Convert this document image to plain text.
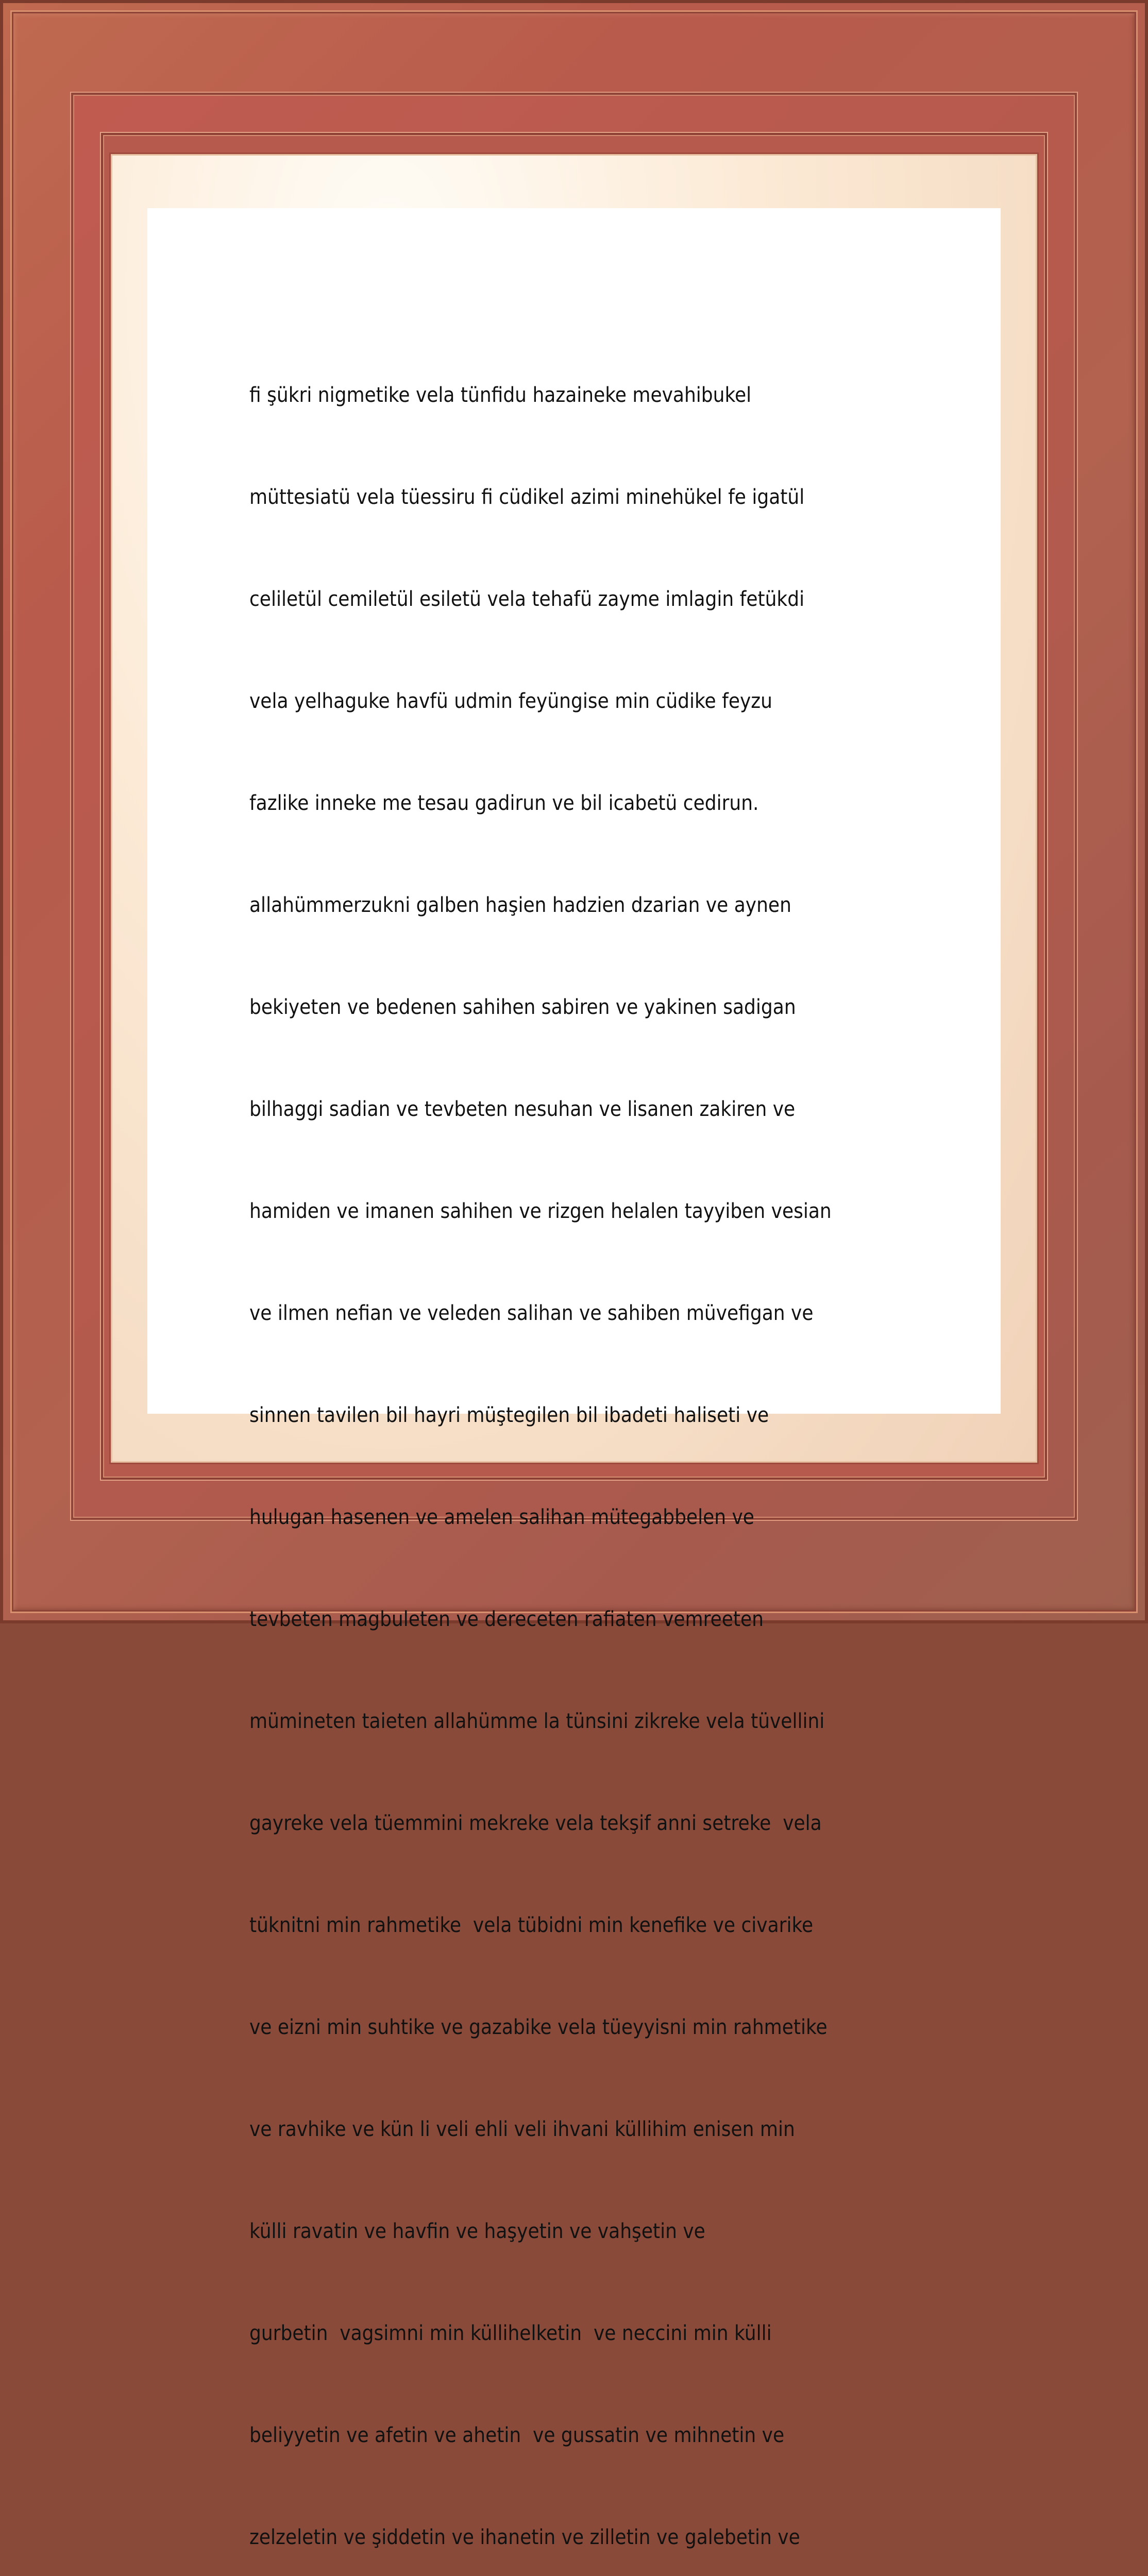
fi şükri nigmetike vela tünfidu hazaineke mevahibukel

müttesiatü vela tüessiru fi cüdikel azimi minehükel fe igatül

celiletül cemiletül esiletü vela tehafü zayme imlagin fetükdi

vela yelhaguke havfü udmin feyüngise min cüdike feyzu

fazlike inneke me tesau gadirun ve bil icabetü cedirun.

allahümmerzukni galben haşien hadzien dzarian ve aynen

bekiyeten ve bedenen sahihen sabiren ve yakinen sadigan

bilhaggi sadian ve tevbeten nesuhan ve lisanen zakiren ve

hamiden ve imanen sahihen ve rizgen helalen tayyiben vesian

ve ilmen nefian ve veleden salihan ve sahiben müvefigan ve

sinnen tavilen bil hayri müştegilen bil ibadeti haliseti ve

hulugan hasenen ve amelen salihan mütegabbelen ve

tevbeten magbuleten ve dereceten rafiaten vemreeten

mümineten taieten allahümme la tünsini zikreke vela tüvellini

gayreke vela tüemmini mekreke vela tekşif anni setreke  vela

tüknitni min rahmetike  vela tübidni min kenefike ve civarike

ve eizni min suhtike ve gazabike vela tüeyyisni min rahmetike

ve ravhike ve kün li veli ehli veli ihvani küllihim enisen min

külli ravatin ve havfin ve haşyetin ve vahşetin ve

gurbetin  vagsimni min küllihelketin  ve neccini min külli

beliyyetin ve afetin ve ahetin  ve gussatin ve mihnetin ve

zelzeletin ve şiddetin ve ihanetin ve zilletin ve galebetin ve
